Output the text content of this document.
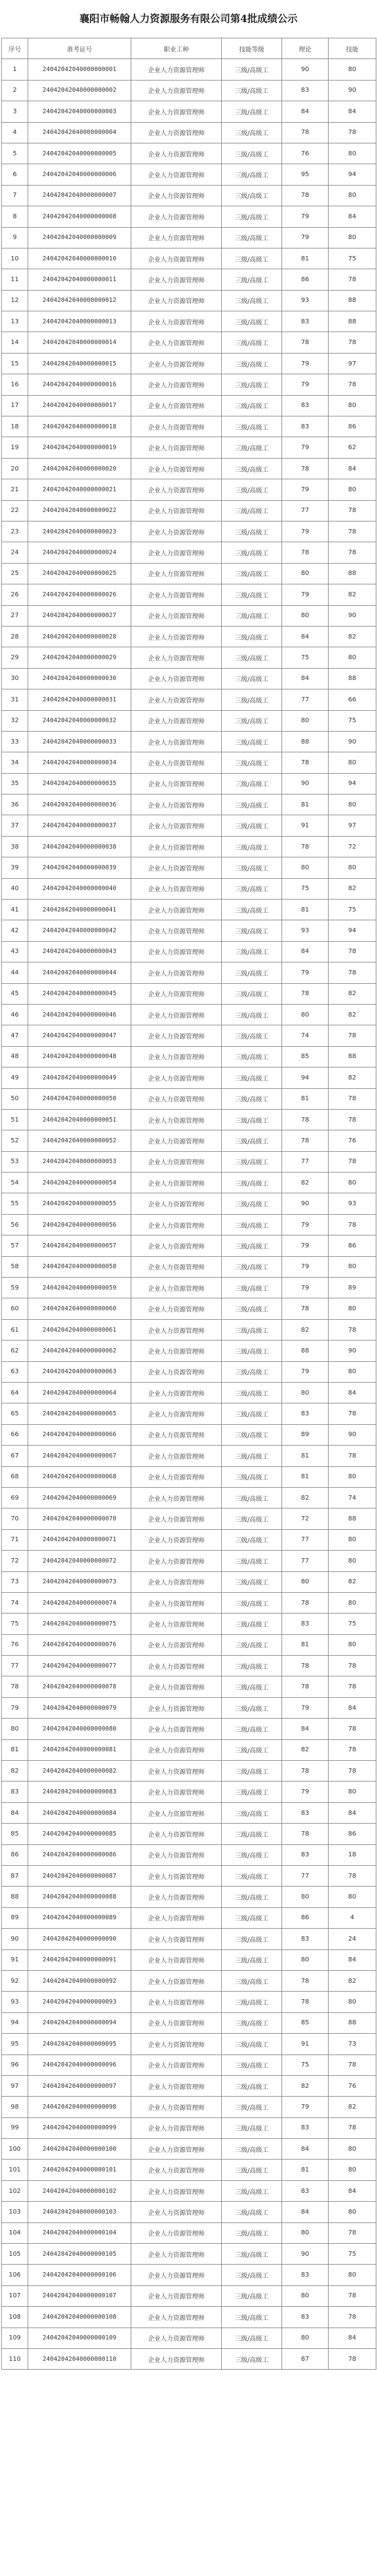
襄阳市畅翰人力资源服务有限公司第4批成绩公示
序号	准考证号	职业工种	技能等级	理论	技能
1	24042042040000000001	企业人力资源管理师	三级/高级工	90	80
2	24042042040000000002	企业人力资源管理师	三级/高级工	83	90
3	24042042040000000003	企业人力资源管理师	三级/高级工	84	84
4	24042042040000000004	企业人力资源管理师	三级/高级工	78	78
5	24042042040000000005	企业人力资源管理师	三级/高级工	76	80
6	24042042040000000006	企业人力资源管理师	三级/高级工	95	94
7	24042042040000000007	企业人力资源管理师	三级/高级工	78	80
8	24042042040000000008	企业人力资源管理师	三级/高级工	79	84
9	24042042040000000009	企业人力资源管理师	三级/高级工	79	80
10	24042042040000000010	企业人力资源管理师	三级/高级工	81	75
11	24042042040000000011	企业人力资源管理师	三级/高级工	86	78
12	24042042040000000012	企业人力资源管理师	三级/高级工	93	88
13	24042042040000000013	企业人力资源管理师	三级/高级工	83	88
14	24042042040000000014	企业人力资源管理师	三级/高级工	78	78
15	24042042040000000015	企业人力资源管理师	三级/高级工	79	97
16	24042042040000000016	企业人力资源管理师	三级/高级工	79	78
17	24042042040000000017	企业人力资源管理师	三级/高级工	83	80
18	24042042040000000018	企业人力资源管理师	三级/高级工	83	86
19	24042042040000000019	企业人力资源管理师	三级/高级工	79	62
20	24042042040000000020	企业人力资源管理师	三级/高级工	78	84
21	24042042040000000021	企业人力资源管理师	三级/高级工	79	80
22	24042042040000000022	企业人力资源管理师	三级/高级工	77	78
23	24042042040000000023	企业人力资源管理师	三级/高级工	79	78
24	24042042040000000024	企业人力资源管理师	三级/高级工	78	78
25	24042042040000000025	企业人力资源管理师	三级/高级工	80	88
26	24042042040000000026	企业人力资源管理师	三级/高级工	79	82
27	24042042040000000027	企业人力资源管理师	三级/高级工	80	90
28	24042042040000000028	企业人力资源管理师	三级/高级工	84	82
29	24042042040000000029	企业人力资源管理师	三级/高级工	75	80
30	24042042040000000030	企业人力资源管理师	三级/高级工	84	88
31	24042042040000000031	企业人力资源管理师	三级/高级工	77	66
32	24042042040000000032	企业人力资源管理师	三级/高级工	80	75
33	24042042040000000033	企业人力资源管理师	三级/高级工	88	90
34	24042042040000000034	企业人力资源管理师	三级/高级工	78	80
35	24042042040000000035	企业人力资源管理师	三级/高级工	90	94
36	24042042040000000036	企业人力资源管理师	三级/高级工	81	80
37	24042042040000000037	企业人力资源管理师	三级/高级工	91	97
38	24042042040000000038	企业人力资源管理师	三级/高级工	78	72
39	24042042040000000039	企业人力资源管理师	三级/高级工	80	80
40	24042042040000000040	企业人力资源管理师	三级/高级工	75	82
41	24042042040000000041	企业人力资源管理师	三级/高级工	81	75
42	24042042040000000042	企业人力资源管理师	三级/高级工	93	94
43	24042042040000000043	企业人力资源管理师	三级/高级工	84	78
44	24042042040000000044	企业人力资源管理师	三级/高级工	79	78
45	24042042040000000045	企业人力资源管理师	三级/高级工	78	82
46	24042042040000000046	企业人力资源管理师	三级/高级工	80	82
47	24042042040000000047	企业人力资源管理师	三级/高级工	74	78
48	24042042040000000048	企业人力资源管理师	三级/高级工	85	88
49	24042042040000000049	企业人力资源管理师	三级/高级工	94	82
50	24042042040000000050	企业人力资源管理师	三级/高级工	81	78
51	24042042040000000051	企业人力资源管理师	三级/高级工	78	78
52	24042042040000000052	企业人力资源管理师	三级/高级工	78	76
53	24042042040000000053	企业人力资源管理师	三级/高级工	77	78
54	24042042040000000054	企业人力资源管理师	三级/高级工	82	80
55	24042042040000000055	企业人力资源管理师	三级/高级工	90	93
56	24042042040000000056	企业人力资源管理师	三级/高级工	79	78
57	24042042040000000057	企业人力资源管理师	三级/高级工	79	86
58	24042042040000000058	企业人力资源管理师	三级/高级工	79	80
59	24042042040000000059	企业人力资源管理师	三级/高级工	79	89
60	24042042040000000060	企业人力资源管理师	三级/高级工	78	80
61	24042042040000000061	企业人力资源管理师	三级/高级工	82	78
62	24042042040000000062	企业人力资源管理师	三级/高级工	88	90
63	24042042040000000063	企业人力资源管理师	三级/高级工	79	80
64	24042042040000000064	企业人力资源管理师	三级/高级工	80	84
65	24042042040000000065	企业人力资源管理师	三级/高级工	83	78
66	24042042040000000066	企业人力资源管理师	三级/高级工	89	90
67	24042042040000000067	企业人力资源管理师	三级/高级工	81	78
68	24042042040000000068	企业人力资源管理师	三级/高级工	81	80
69	24042042040000000069	企业人力资源管理师	三级/高级工	82	74
70	24042042040000000070	企业人力资源管理师	三级/高级工	72	88
71	24042042040000000071	企业人力资源管理师	三级/高级工	77	80
72	24042042040000000072	企业人力资源管理师	三级/高级工	77	80
73	24042042040000000073	企业人力资源管理师	三级/高级工	80	82
74	24042042040000000074	企业人力资源管理师	三级/高级工	78	80
75	24042042040000000075	企业人力资源管理师	三级/高级工	83	75
76	24042042040000000076	企业人力资源管理师	三级/高级工	81	80
77	24042042040000000077	企业人力资源管理师	三级/高级工	78	78
78	24042042040000000078	企业人力资源管理师	三级/高级工	78	78
79	24042042040000000079	企业人力资源管理师	三级/高级工	79	84
80	24042042040000000080	企业人力资源管理师	三级/高级工	84	78
81	24042042040000000081	企业人力资源管理师	三级/高级工	82	78
82	24042042040000000082	企业人力资源管理师	三级/高级工	78	78
83	24042042040000000083	企业人力资源管理师	三级/高级工	79	80
84	24042042040000000084	企业人力资源管理师	三级/高级工	83	84
85	24042042040000000085	企业人力资源管理师	三级/高级工	78	86
86	24042042040000000086	企业人力资源管理师	三级/高级工	83	18
87	24042042040000000087	企业人力资源管理师	三级/高级工	77	78
88	24042042040000000088	企业人力资源管理师	三级/高级工	80	80
89	24042042040000000089	企业人力资源管理师	三级/高级工	86	4
90	24042042040000000090	企业人力资源管理师	三级/高级工	83	24
91	24042042040000000091	企业人力资源管理师	三级/高级工	80	84
92	24042042040000000092	企业人力资源管理师	三级/高级工	78	82
93	24042042040000000093	企业人力资源管理师	三级/高级工	78	80
94	24042042040000000094	企业人力资源管理师	三级/高级工	85	88
95	24042042040000000095	企业人力资源管理师	三级/高级工	91	73
96	24042042040000000096	企业人力资源管理师	三级/高级工	75	78
97	24042042040000000097	企业人力资源管理师	三级/高级工	82	76
98	24042042040000000098	企业人力资源管理师	三级/高级工	79	82
99	24042042040000000099	企业人力资源管理师	三级/高级工	83	78
100	24042042040000000100	企业人力资源管理师	三级/高级工	84	80
101	24042042040000000101	企业人力资源管理师	三级/高级工	81	80
102	24042042040000000102	企业人力资源管理师	三级/高级工	83	84
103	24042042040000000103	企业人力资源管理师	三级/高级工	84	80
104	24042042040000000104	企业人力资源管理师	三级/高级工	80	78
105	24042042040000000105	企业人力资源管理师	三级/高级工	90	75
106	24042042040000000106	企业人力资源管理师	三级/高级工	83	80
107	24042042040000000107	企业人力资源管理师	三级/高级工	80	78
108	24042042040000000108	企业人力资源管理师	三级/高级工	83	78
109	24042042040000000109	企业人力资源管理师	三级/高级工	80	84
110	24042042040000000110	企业人力资源管理师	三级/高级工	87	78
